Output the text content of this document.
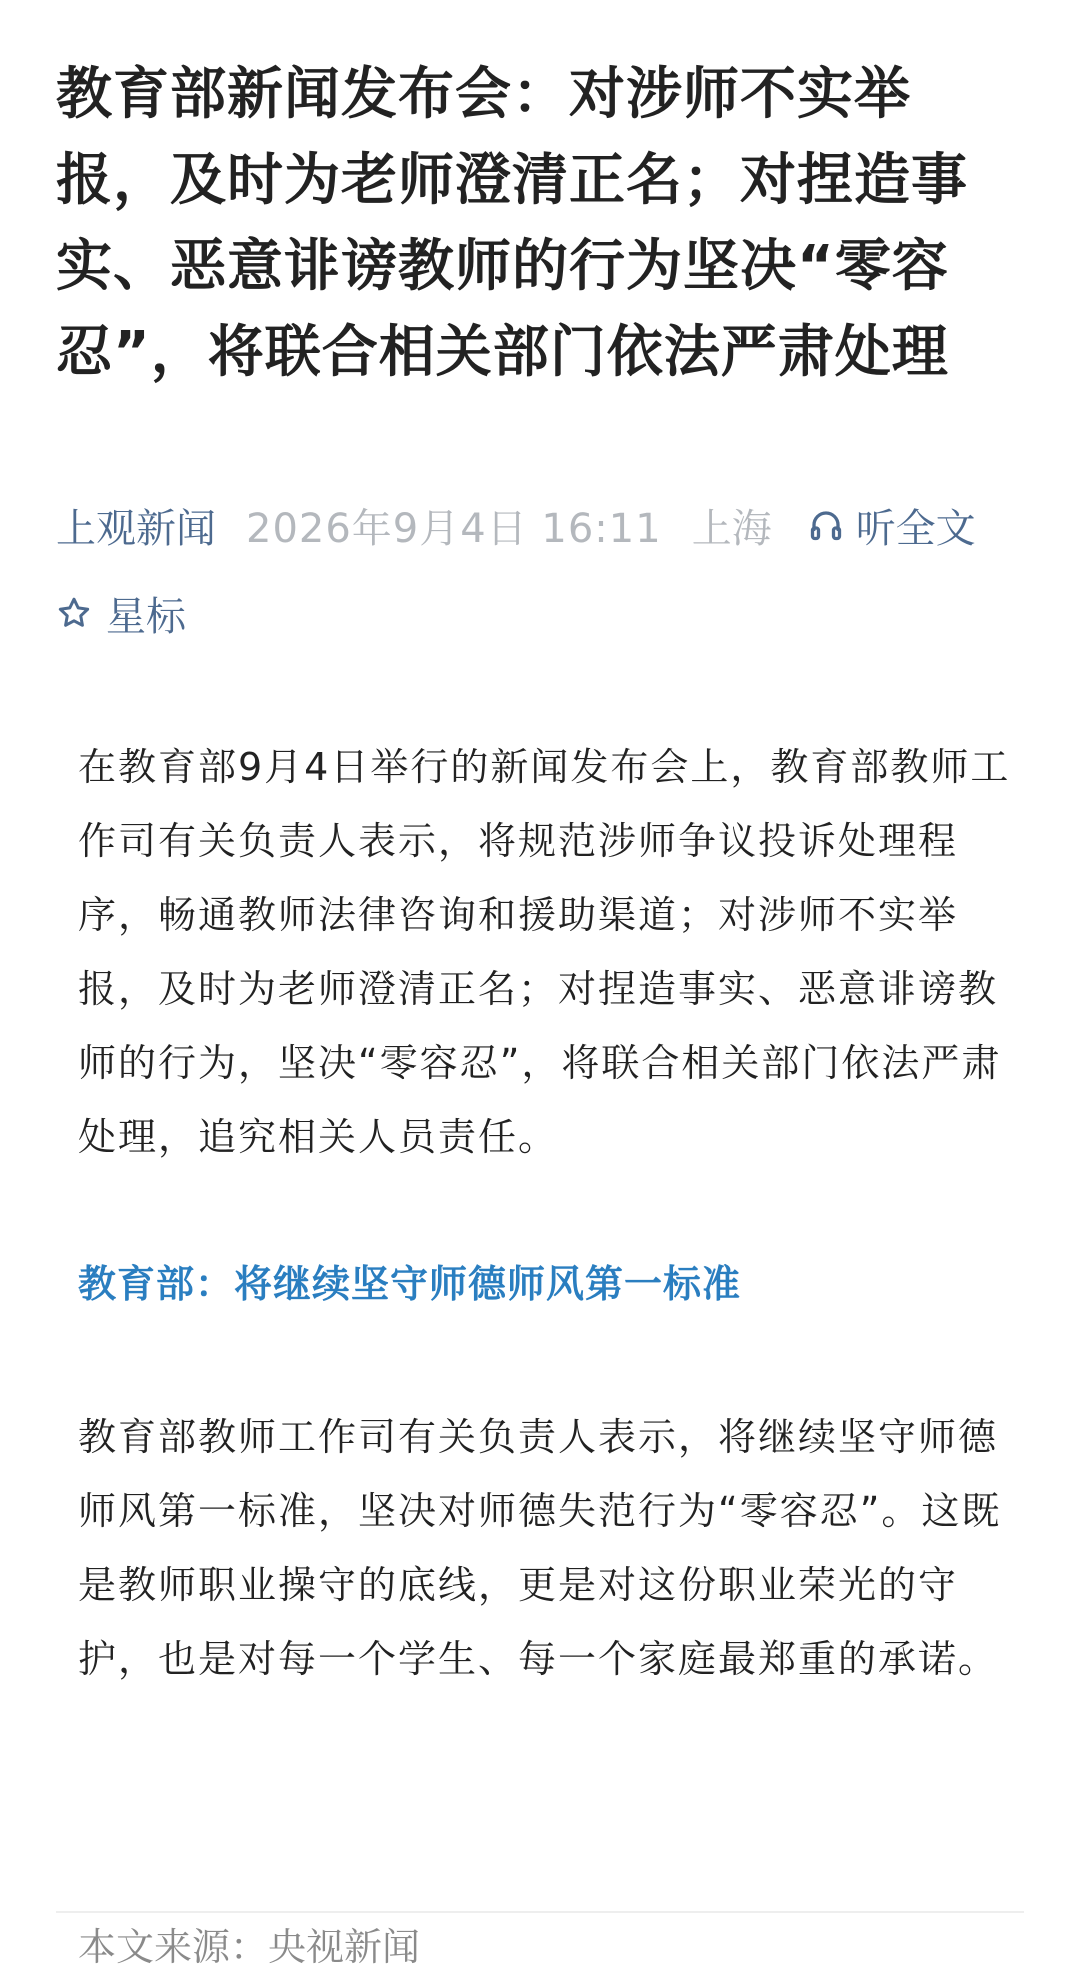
教育部新闻发布会：对涉师不实举报，及时为老师澄清正名；对捏造事实、恶意诽谤教师的行为坚决“零容忍”，将联合相关部门依法严肃处理
上观新闻 2026年9月4日 16:11 上海 听全文
星标

在教育部9月4日举行的新闻发布会上，教育部教师工作司有关负责人表示，将规范涉师争议投诉处理程序，畅通教师法律咨询和援助渠道；对涉师不实举报，及时为老师澄清正名；对捏造事实、恶意诽谤教师的行为，坚决“零容忍”，将联合相关部门依法严肃处理，追究相关人员责任。

教育部：将继续坚守师德师风第一标准

教育部教师工作司有关负责人表示，将继续坚守师德师风第一标准，坚决对师德失范行为“零容忍”。这既是教师职业操守的底线，更是对这份职业荣光的守护，也是对每一个学生、每一个家庭最郑重的承诺。

本文来源：央视新闻
